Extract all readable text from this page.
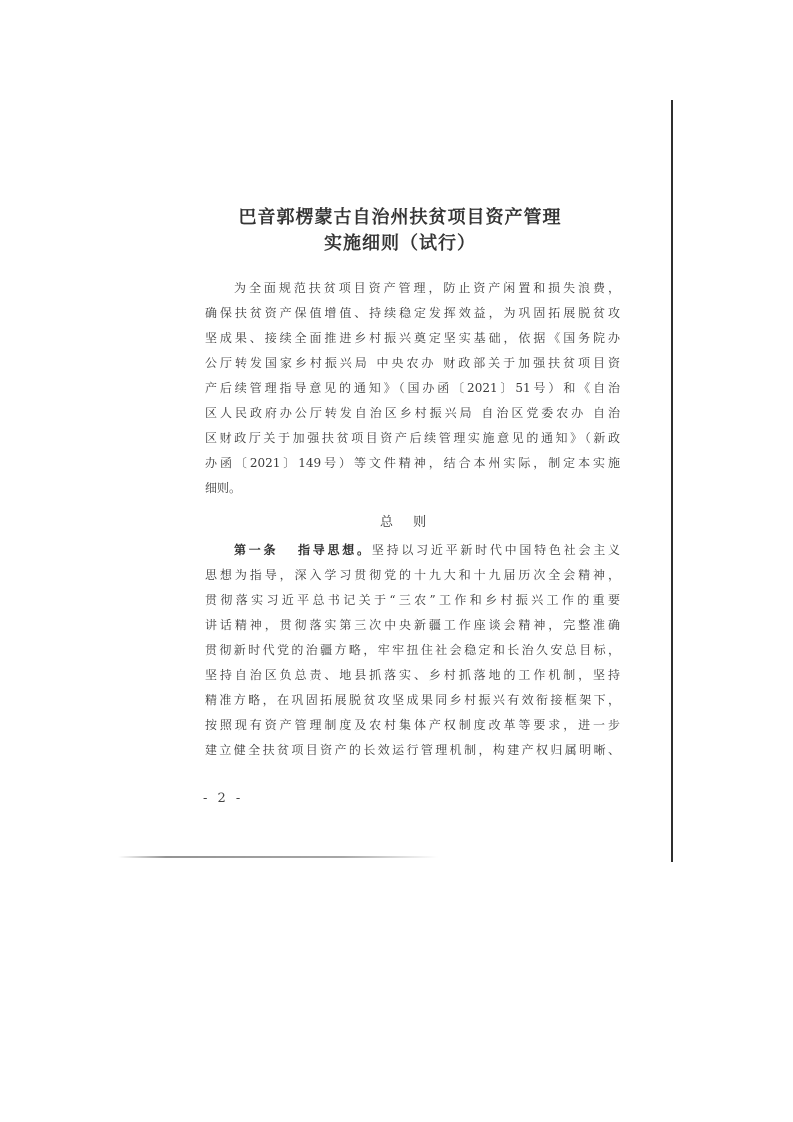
巴音郭楞蒙古自治州扶贫项目资产管理
实施细则（试行）
为全面规范扶贫项目资产管理，防止资产闲置和损失浪费，
确保扶贫资产保值增值、持续稳定发挥效益，为巩固拓展脱贫攻
坚成果、接续全面推进乡村振兴奠定坚实基础，依据《国务院办
公厅转发国家乡村振兴局 中央农办 财政部关于加强扶贫项目资
产后续管理指导意见的通知》（国办函〔2021〕51号）和《自治
区人民政府办公厅转发自治区乡村振兴局 自治区党委农办 自治
区财政厅关于加强扶贫项目资产后续管理实施意见的通知》（新政
办函〔2021〕149号）等文件精神，结合本州实际，制定本实施
细则。
总 则
第一条 指导思想。坚持以习近平新时代中国特色社会主义
思想为指导，深入学习贯彻党的十九大和十九届历次全会精神，
贯彻落实习近平总书记关于“三农”工作和乡村振兴工作的重要
讲话精神，贯彻落实第三次中央新疆工作座谈会精神，完整准确
贯彻新时代党的治疆方略，牢牢扭住社会稳定和长治久安总目标，
坚持自治区负总责、地县抓落实、乡村抓落地的工作机制，坚持
精准方略，在巩固拓展脱贫攻坚成果同乡村振兴有效衔接框架下，
按照现有资产管理制度及农村集体产权制度改革等要求，进一步
建立健全扶贫项目资产的长效运行管理机制，构建产权归属明晰、
- 2 -
